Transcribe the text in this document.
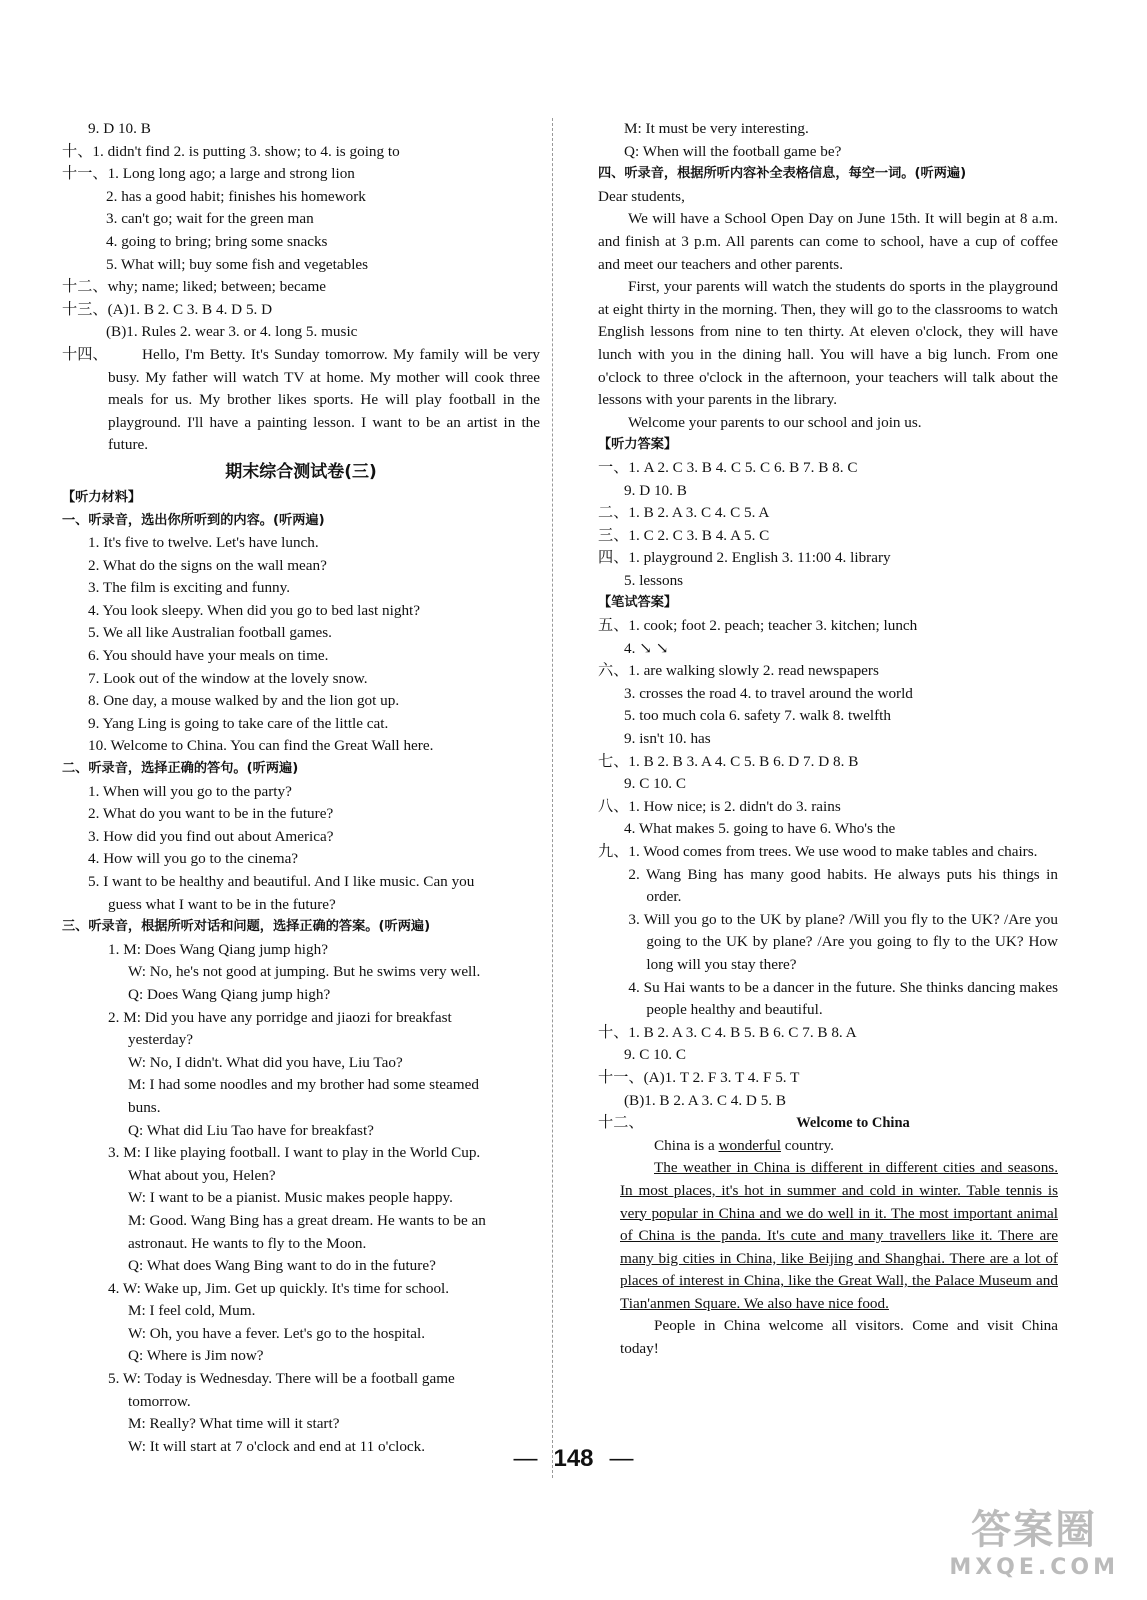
9. D 10. B
十、1. didn't find 2. is putting 3. show; to 4. is going to
十一、1. Long long ago; a large and strong lion
2. has a good habit; finishes his homework
3. can't go; wait for the green man
4. going to bring; bring some snacks
5. What will; buy some fish and vegetables
十二、why; name; liked; between; became
十三、(A)1. B 2. C 3. B 4. D 5. D
(B)1. Rules 2. wear 3. or 4. long 5. music
十四、	Hello, I'm Betty. It's Sunday tomorrow. My family will be very busy. My father will watch TV at home. My mother will cook three meals for us. My brother likes sports. He will play football in the playground. I'll have a painting lesson. I want to be an artist in the future.
期末综合测试卷(三)
【听力材料】
一、听录音，选出你所听到的内容。(听两遍)
1. It's five to twelve. Let's have lunch.
2. What do the signs on the wall mean?
3. The film is exciting and funny.
4. You look sleepy. When did you go to bed last night?
5. We all like Australian football games.
6. You should have your meals on time.
7. Look out of the window at the lovely snow.
8. One day, a mouse walked by and the lion got up.
9. Yang Ling is going to take care of the little cat.
10. Welcome to China. You can find the Great Wall here.
二、听录音，选择正确的答句。(听两遍)
1. When will you go to the party?
2. What do you want to be in the future?
3. How did you find out about America?
4. How will you go to the cinema?
5. I want to be healthy and beautiful. And I like music. Can you
guess what I want to be in the future?
三、听录音，根据所听对话和问题，选择正确的答案。(听两遍)
1. M: Does Wang Qiang jump high?
W: No, he's not good at jumping. But he swims very well.
Q: Does Wang Qiang jump high?
2. M: Did you have any porridge and jiaozi for breakfast
yesterday?
W: No, I didn't. What did you have, Liu Tao?
M: I had some noodles and my brother had some steamed
buns.
Q: What did Liu Tao have for breakfast?
3. M: I like playing football. I want to play in the World Cup.
What about you, Helen?
W: I want to be a pianist. Music makes people happy.
M: Good. Wang Bing has a great dream. He wants to be an
astronaut. He wants to fly to the Moon.
Q: What does Wang Bing want to do in the future?
4. W: Wake up, Jim. Get up quickly. It's time for school.
M: I feel cold, Mum.
W: Oh, you have a fever. Let's go to the hospital.
Q: Where is Jim now?
5. W: Today is Wednesday. There will be a football game
tomorrow.
M: Really? What time will it start?
W: It will start at 7 o'clock and end at 11 o'clock.
M: It must be very interesting.
Q: When will the football game be?
四、听录音，根据所听内容补全表格信息，每空一词。(听两遍)
Dear students,
We will have a School Open Day on June 15th. It will begin at 8 a.m. and finish at 3 p.m. All parents can come to school, have a cup of coffee and meet our teachers and other parents.
First, your parents will watch the students do sports in the playground at eight thirty in the morning. Then, they will go to the classrooms to watch English lessons from nine to ten thirty. At eleven o'clock, they will have lunch with you in the dining hall. You will have a big lunch. From one o'clock to three o'clock in the afternoon, your teachers will talk about the lessons with your parents in the library.
Welcome your parents to our school and join us.
【听力答案】
一、1. A 2. C 3. B 4. C 5. C 6. B 7. B 8. C
9. D 10. B
二、1. B 2. A 3. C 4. C 5. A
三、1. C 2. C 3. B 4. A 5. C
四、1. playground 2. English 3. 11:00 4. library
5. lessons
【笔试答案】
五、1. cook; foot 2. peach; teacher 3. kitchen; lunch
4. ↘ ↘
六、1. are walking slowly 2. read newspapers
3. crosses the road 4. to travel around the world
5. too much cola 6. safety 7. walk 8. twelfth
9. isn't 10. has
七、1. B 2. B 3. A 4. C 5. B 6. D 7. D 8. B
9. C 10. C
八、1. How nice; is 2. didn't do 3. rains
4. What makes 5. going to have 6. Who's the
九、 1. Wood comes from trees. We use wood to make tables and chairs.
2. Wang Bing has many good habits. He always puts his things in order.
3. Will you go to the UK by plane? /Will you fly to the UK? /Are you going to the UK by plane? /Are you going to fly to the UK? How long will you stay there?
4. Su Hai wants to be a dancer in the future. She thinks dancing makes people healthy and beautiful.
十、1. B 2. A 3. C 4. B 5. B 6. C 7. B 8. A
9. C 10. C
十一、(A)1. T 2. F 3. T 4. F 5. T
(B)1. B 2. A 3. C 4. D 5. B
十二、	Welcome to China
China is a wonderful country.
The weather in China is different in different cities and seasons. In most places, it's hot in summer and cold in winter. Table tennis is very popular in China and we do well in it. The most important animal of China is the panda. It's cute and many travellers like it. There are many big cities in China, like Beijing and Shanghai. There are a lot of places of interest in China, like the Great Wall, the Palace Museum and Tian'anmen Square. We also have nice food.
People in China welcome all visitors. Come and visit China today!
— 148 —
答案圈
MXQE.COM
